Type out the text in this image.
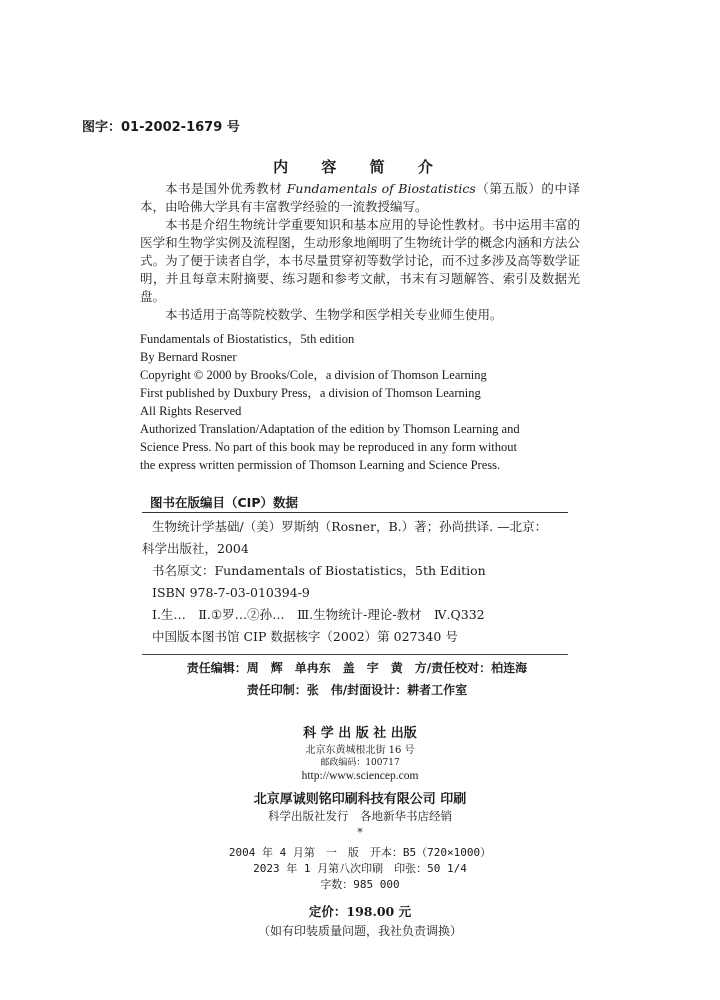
图字：01-2002-1679 号
内 容 简 介

本书是国外优秀教材 Fundamentals of Biostatistics（第五版）的中译本，由哈佛大学具有丰富教学经验的一流教授编写。

本书是介绍生物统计学重要知识和基本应用的导论性教材。书中运用丰富的医学和生物学实例及流程图，生动形象地阐明了生物统计学的概念内涵和方法公式。为了便于读者自学，本书尽量贯穿初等数学讨论，而不过多涉及高等数学证明，并且每章末附摘要、练习题和参考文献，书末有习题解答、索引及数据光盘。

本书适用于高等院校数学、生物学和医学相关专业师生使用。

Fundamentals of Biostatistics，5th edition
By Bernard Rosner
Copyright © 2000 by Brooks/Cole，a division of Thomson Learning
First published by Duxbury Press，a division of Thomson Learning
All Rights Reserved
Authorized Translation/Adaptation of the edition by Thomson Learning and
Science Press. No part of this book may be reproduced in any form without
the express written permission of Thomson Learning and Science Press.
图书在版编目（CIP）数据
生物统计学基础/（美）罗斯纳（Rosner，B.）著；孙尚拱译. —北京：
科学出版社，2004
书名原文：Fundamentals of Biostatistics，5th Edition
ISBN 978-7-03-010394-9
Ⅰ.生…　Ⅱ.①罗…②孙…　Ⅲ.生物统计-理论-教材　Ⅳ.Q332
中国版本图书馆 CIP 数据核字（2002）第 027340 号
责任编辑：周　辉　单冉东　盖　宇　黄　方/责任校对：柏连海
责任印制：张　伟/封面设计：耕者工作室
科 学 出 版 社 出版
北京东黄城根北街 16 号
邮政编码：100717
http://www.sciencep.com
北京厚诚则铭印刷科技有限公司 印刷
科学出版社发行　各地新华书店经销
*
2004 年 4 月第　一　版　开本：B5（720×1000）
2023 年 1 月第八次印刷　印张：50 1/4
字数：985 000
定价：198.00 元
（如有印装质量问题，我社负责调换）
